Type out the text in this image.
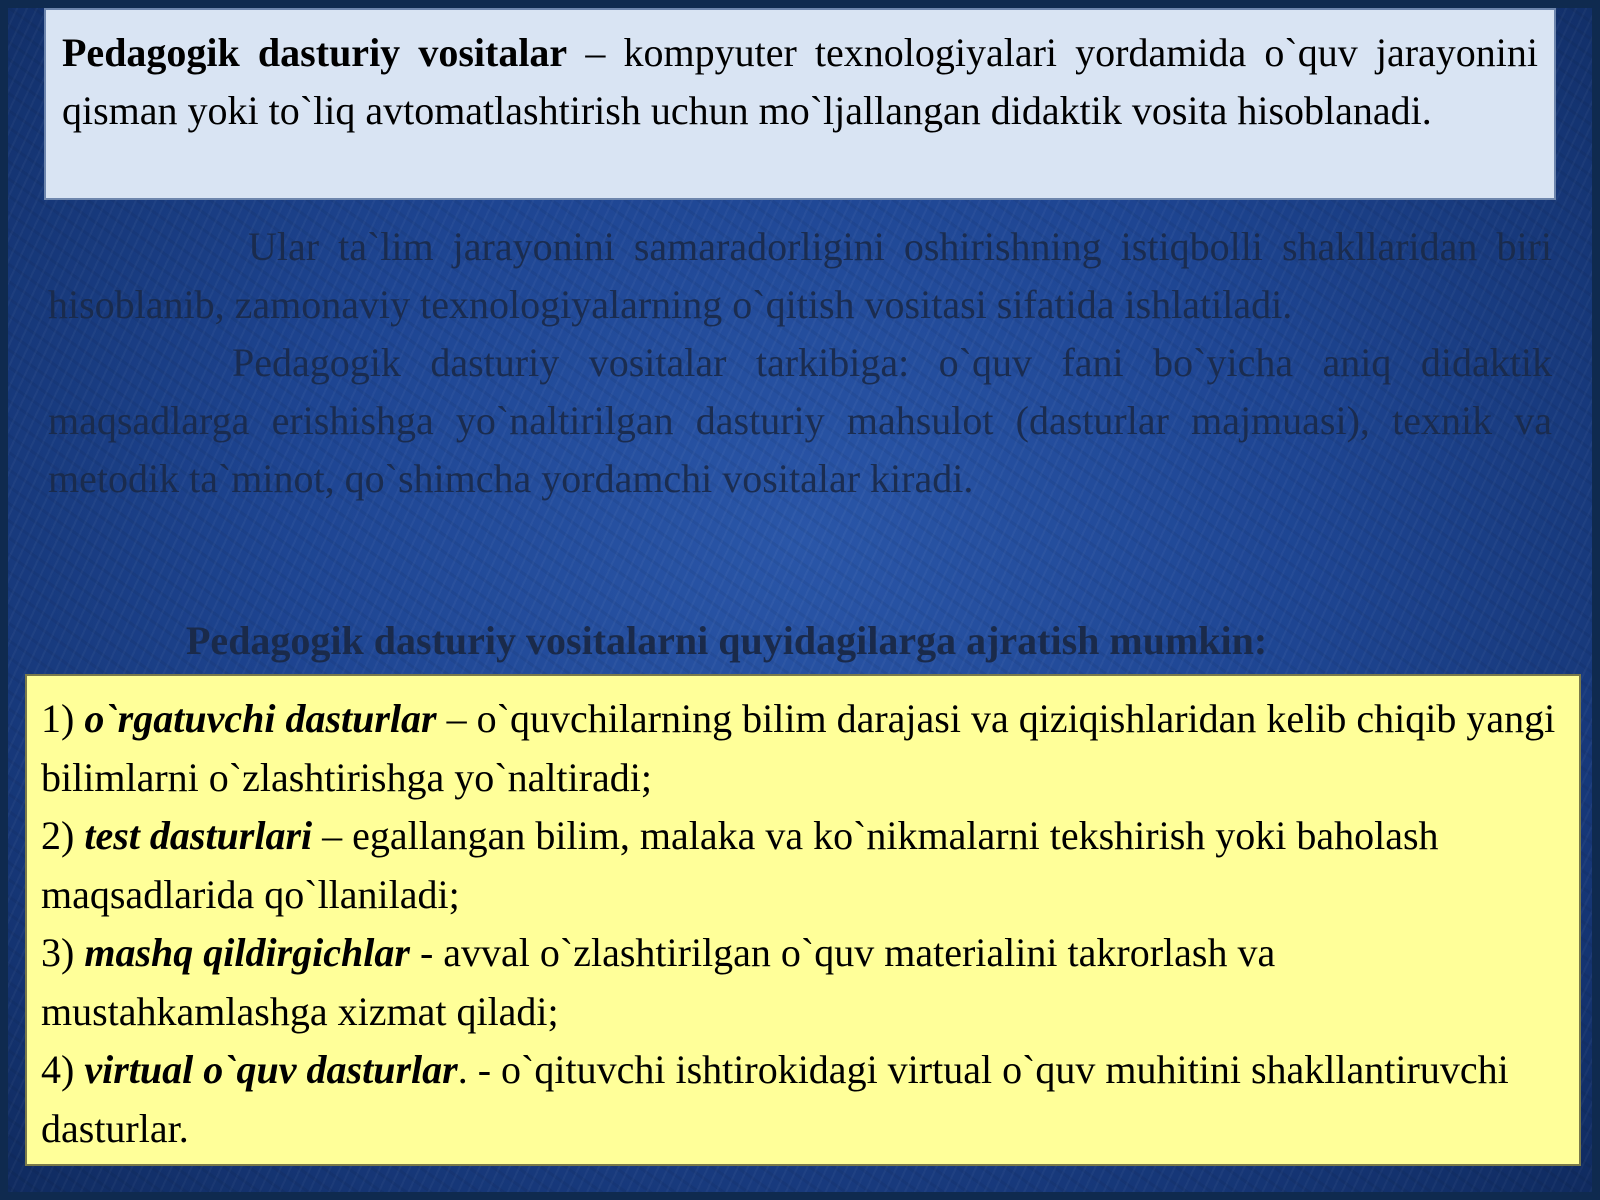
Pedagogik dasturiy vositalar – kompyuter texnologiyalari yordamida o`quv jarayonini qisman yoki to`liq avtomatlashtirish uchun mo`ljallangan didaktik vosita hisoblanadi.

Ular ta`lim jarayonini samaradorligini oshirishning istiqbolli shakllaridan biri hisoblanib, zamonaviy texnologiyalarning o`qitish vositasi sifatida ishlatiladi.

Pedagogik dasturiy vositalar tarkibiga: o`quv fani bo`yicha aniq didaktik maqsadlarga erishishga yo`naltirilgan dasturiy mahsulot (dasturlar majmuasi), texnik va metodik ta`minot, qo`shimcha yordamchi vositalar kiradi.

Pedagogik dasturiy vositalarni quyidagilarga ajratish mumkin:

1) o`rgatuvchi dasturlar – o`quvchilarning bilim darajasi va qiziqishlaridan kelib chiqib yangi bilimlarni o`zlashtirishga yo`naltiradi;

2) test dasturlari – egallangan bilim, malaka va ko`nikmalarni tekshirish yoki baholash maqsadlarida qo`llaniladi;

3) mashq qildirgichlar - avval o`zlashtirilgan o`quv materialini takrorlash va mustahkamlashga xizmat qiladi;

4) virtual o`quv dasturlar. - o`qituvchi ishtirokidagi virtual o`quv muhitini shakllantiruvchi dasturlar.
